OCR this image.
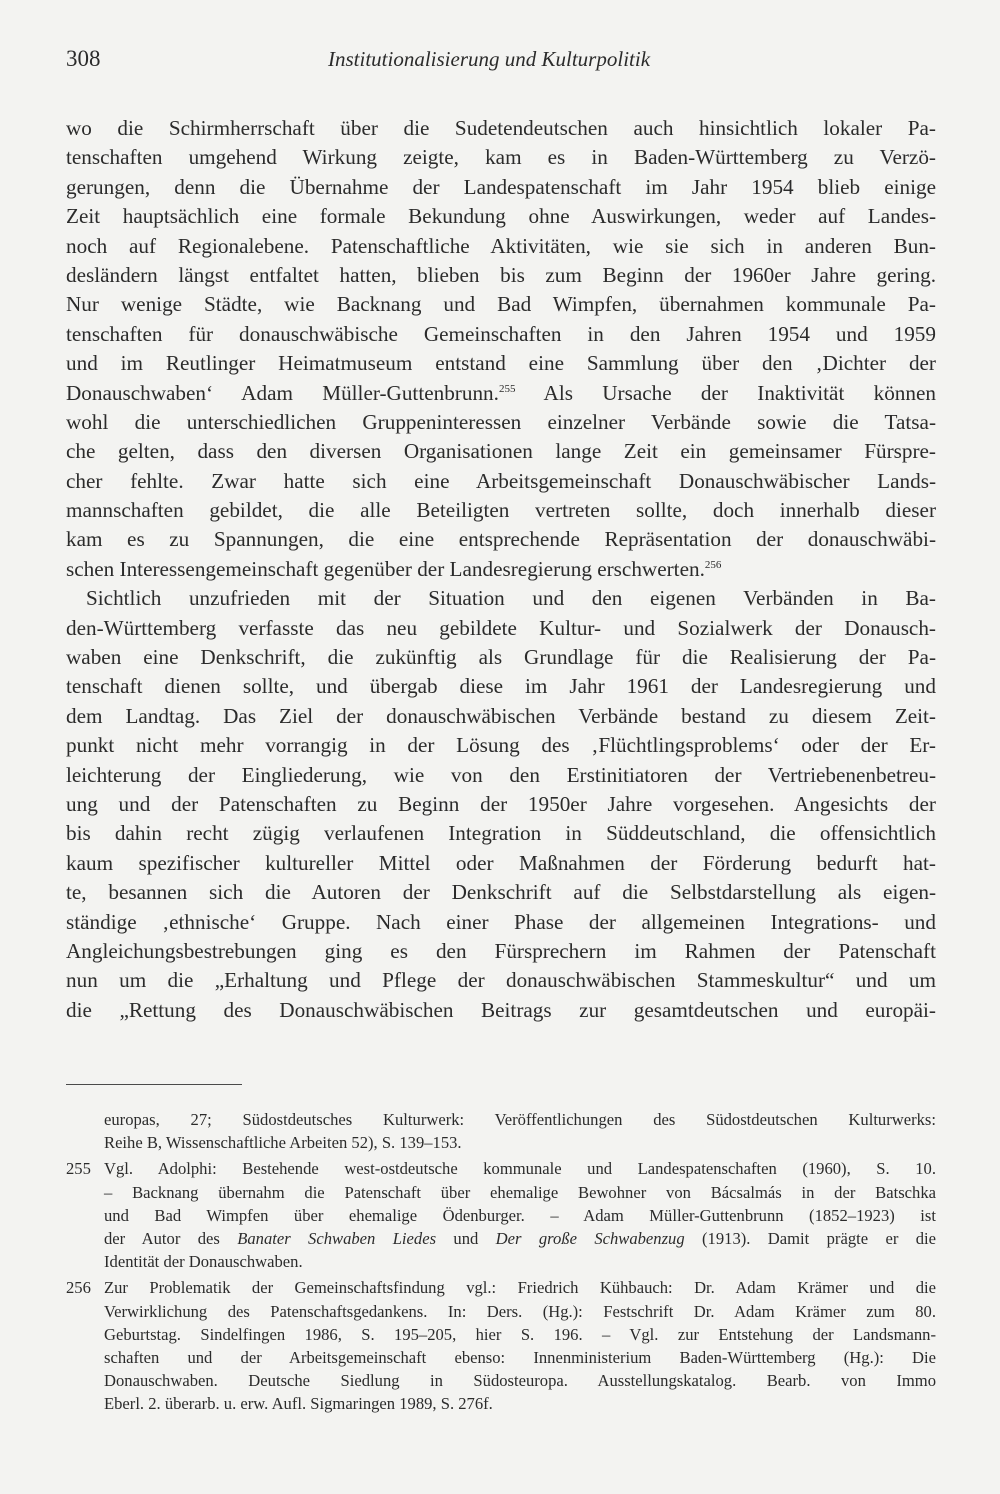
308	Institutionalisierung und Kulturpolitik
wo die Schirmherrschaft über die Sudetendeutschen auch hinsichtlich lokaler Pa-
tenschaften umgehend Wirkung zeigte, kam es in Baden-Württemberg zu Verzö-
gerungen, denn die Übernahme der Landespatenschaft im Jahr 1954 blieb einige
Zeit hauptsächlich eine formale Bekundung ohne Auswirkungen, weder auf Landes-
noch auf Regionalebene. Patenschaftliche Aktivitäten, wie sie sich in anderen Bun-
desländern längst entfaltet hatten, blieben bis zum Beginn der 1960er Jahre gering.
Nur wenige Städte, wie Backnang und Bad Wimpfen, übernahmen kommunale Pa-
tenschaften für donauschwäbische Gemeinschaften in den Jahren 1954 und 1959
und im Reutlinger Heimatmuseum entstand eine Sammlung über den ‚Dichter der
Donauschwaben‘ Adam Müller-Guttenbrunn.$^{255}$ Als Ursache der Inaktivität können
wohl die unterschiedlichen Gruppeninteressen einzelner Verbände sowie die Tatsa-
che gelten, dass den diversen Organisationen lange Zeit ein gemeinsamer Fürspre-
cher fehlte. Zwar hatte sich eine Arbeitsgemeinschaft Donauschwäbischer Lands-
mannschaften gebildet, die alle Beteiligten vertreten sollte, doch innerhalb dieser
kam es zu Spannungen, die eine entsprechende Repräsentation der donauschwäbi-
schen Interessengemeinschaft gegenüber der Landesregierung erschwerten.$^{256}$
Sichtlich unzufrieden mit der Situation und den eigenen Verbänden in Ba-
den-Württemberg verfasste das neu gebildete Kultur- und Sozialwerk der Donausch-
waben eine Denkschrift, die zukünftig als Grundlage für die Realisierung der Pa-
tenschaft dienen sollte, und übergab diese im Jahr 1961 der Landesregierung und
dem Landtag. Das Ziel der donauschwäbischen Verbände bestand zu diesem Zeit-
punkt nicht mehr vorrangig in der Lösung des ‚Flüchtlingsproblems‘ oder der Er-
leichterung der Eingliederung, wie von den Erstinitiatoren der Vertriebenenbetreu-
ung und der Patenschaften zu Beginn der 1950er Jahre vorgesehen. Angesichts der
bis dahin recht zügig verlaufenen Integration in Süddeutschland, die offensichtlich
kaum spezifischer kultureller Mittel oder Maßnahmen der Förderung bedurft hat-
te, besannen sich die Autoren der Denkschrift auf die Selbstdarstellung als eigen-
ständige ‚ethnische‘ Gruppe. Nach einer Phase der allgemeinen Integrations- und
Angleichungsbestrebungen ging es den Fürsprechern im Rahmen der Patenschaft
nun um die „Erhaltung und Pflege der donauschwäbischen Stammeskultur“ und um
die „Rettung des Donauschwäbischen Beitrags zur gesamtdeutschen und europäi-
europas, 27; Südostdeutsches Kulturwerk: Veröffentlichungen des Südostdeutschen Kulturwerks:
Reihe B, Wissenschaftliche Arbeiten 52), S. 139–153.
255 Vgl. Adolphi: Bestehende west-ostdeutsche kommunale und Landespatenschaften (1960), S. 10.
– Backnang übernahm die Patenschaft über ehemalige Bewohner von Bácsalmás in der Batschka
und Bad Wimpfen über ehemalige Ödenburger. – Adam Müller-Guttenbrunn (1852–1923) ist
der Autor des Banater Schwaben Liedes und Der große Schwabenzug (1913). Damit prägte er die
Identität der Donauschwaben.
256 Zur Problematik der Gemeinschaftsfindung vgl.: Friedrich Kühbauch: Dr. Adam Krämer und die
Verwirklichung des Patenschaftsgedankens. In: Ders. (Hg.): Festschrift Dr. Adam Krämer zum 80.
Geburtstag. Sindelfingen 1986, S. 195–205, hier S. 196. – Vgl. zur Entstehung der Landsmann-
schaften und der Arbeitsgemeinschaft ebenso: Innenministerium Baden-Württemberg (Hg.): Die
Donauschwaben. Deutsche Siedlung in Südosteuropa. Ausstellungskatalog. Bearb. von Immo
Eberl. 2. überarb. u. erw. Aufl. Sigmaringen 1989, S. 276f.
